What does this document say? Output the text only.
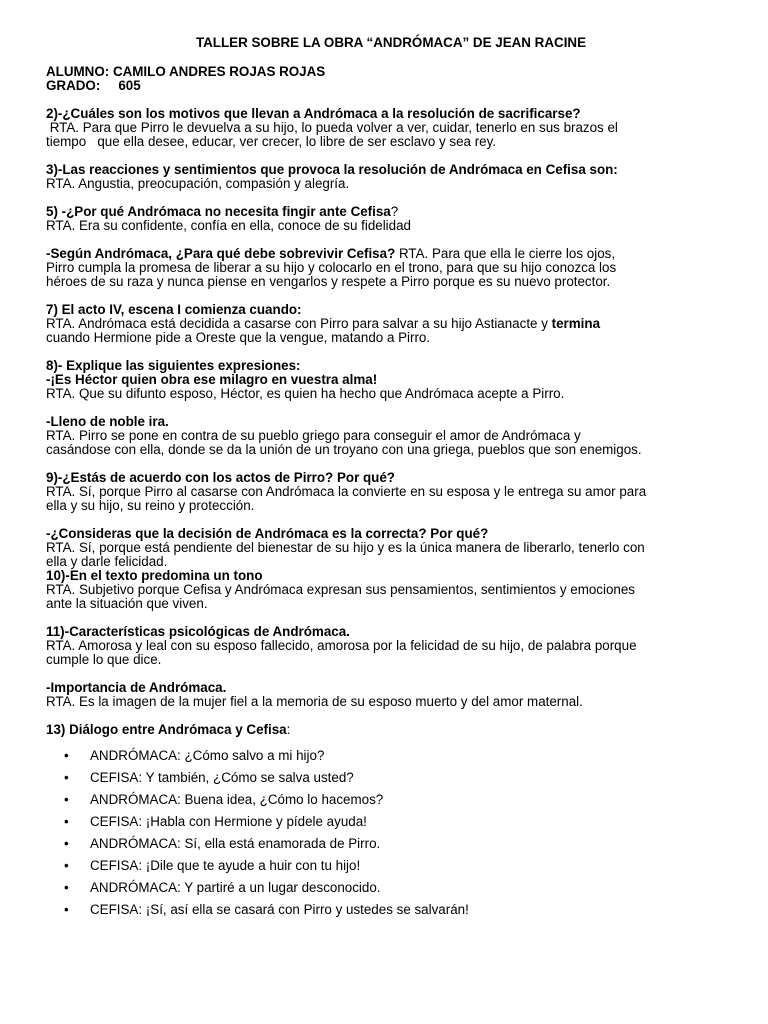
TALLER SOBRE LA OBRA “ANDRÓMACA” DE JEAN RACINE

ALUMNO: CAMILO ANDRES ROJAS ROJAS

GRADO: 605

2)-¿Cuáles son los motivos que llevan a Andrómaca a la resolución de sacrificarse?

RTA. Para que Pirro le devuelva a su hijo, lo pueda volver a ver, cuidar, tenerlo en sus brazos el

tiempo   que ella desee, educar, ver crecer, lo libre de ser esclavo y sea rey.

3)-Las reacciones y sentimientos que provoca la resolución de Andrómaca en Cefisa son:

RTA. Angustia, preocupación, compasión y alegría.

5) -¿Por qué Andrómaca no necesita fingir ante Cefisa?

RTA. Era su confidente, confía en ella, conoce de su fidelidad

-Según Andrómaca, ¿Para qué debe sobrevivir Cefisa? RTA. Para que ella le cierre los ojos,

Pirro cumpla la promesa de liberar a su hijo y colocarlo en el trono, para que su hijo conozca los

héroes de su raza y nunca piense en vengarlos y respete a Pirro porque es su nuevo protector.

7) El acto IV, escena I comienza cuando:

RTA. Andrómaca está decidida a casarse con Pirro para salvar a su hijo Astianacte y termina

cuando Hermione pide a Oreste que la vengue, matando a Pirro.

8)- Explique las siguientes expresiones:

-¡Es Héctor quien obra ese milagro en vuestra alma!

RTA. Que su difunto esposo, Héctor, es quien ha hecho que Andrómaca acepte a Pirro.

-Lleno de noble ira.

RTA. Pirro se pone en contra de su pueblo griego para conseguir el amor de Andrómaca y

casándose con ella, donde se da la unión de un troyano con una griega, pueblos que son enemigos.

9)-¿Estás de acuerdo con los actos de Pirro? Por qué?

RTA. Sí, porque Pirro al casarse con Andrómaca la convierte en su esposa y le entrega su amor para

ella y su hijo, su reino y protección.

-¿Consideras que la decisión de Andrómaca es la correcta? Por qué?

RTA. Sí, porque está pendiente del bienestar de su hijo y es la única manera de liberarlo, tenerlo con

ella y darle felicidad.

10)-En el texto predomina un tono

RTA. Subjetivo porque Cefisa y Andrómaca expresan sus pensamientos, sentimientos y emociones

ante la situación que viven.

11)-Características psicológicas de Andrómaca.

RTA. Amorosa y leal con su esposo fallecido, amorosa por la felicidad de su hijo, de palabra porque

cumple lo que dice.

-Importancia de Andrómaca.

RTA. Es la imagen de la mujer fiel a la memoria de su esposo muerto y del amor maternal.

13) Diálogo entre Andrómaca y Cefisa:

• ANDRÓMACA: ¿Cómo salvo a mi hijo?
• CEFISA: Y también, ¿Cómo se salva usted?
• ANDRÓMACA: Buena idea, ¿Cómo lo hacemos?
• CEFISA: ¡Habla con Hermione y pídele ayuda!
• ANDRÓMACA: Sí, ella está enamorada de Pirro.
• CEFISA: ¡Dile que te ayude a huir con tu hijo!
• ANDRÓMACA: Y partiré a un lugar desconocido.
• CEFISA: ¡Sí, así ella se casará con Pirro y ustedes se salvarán!
